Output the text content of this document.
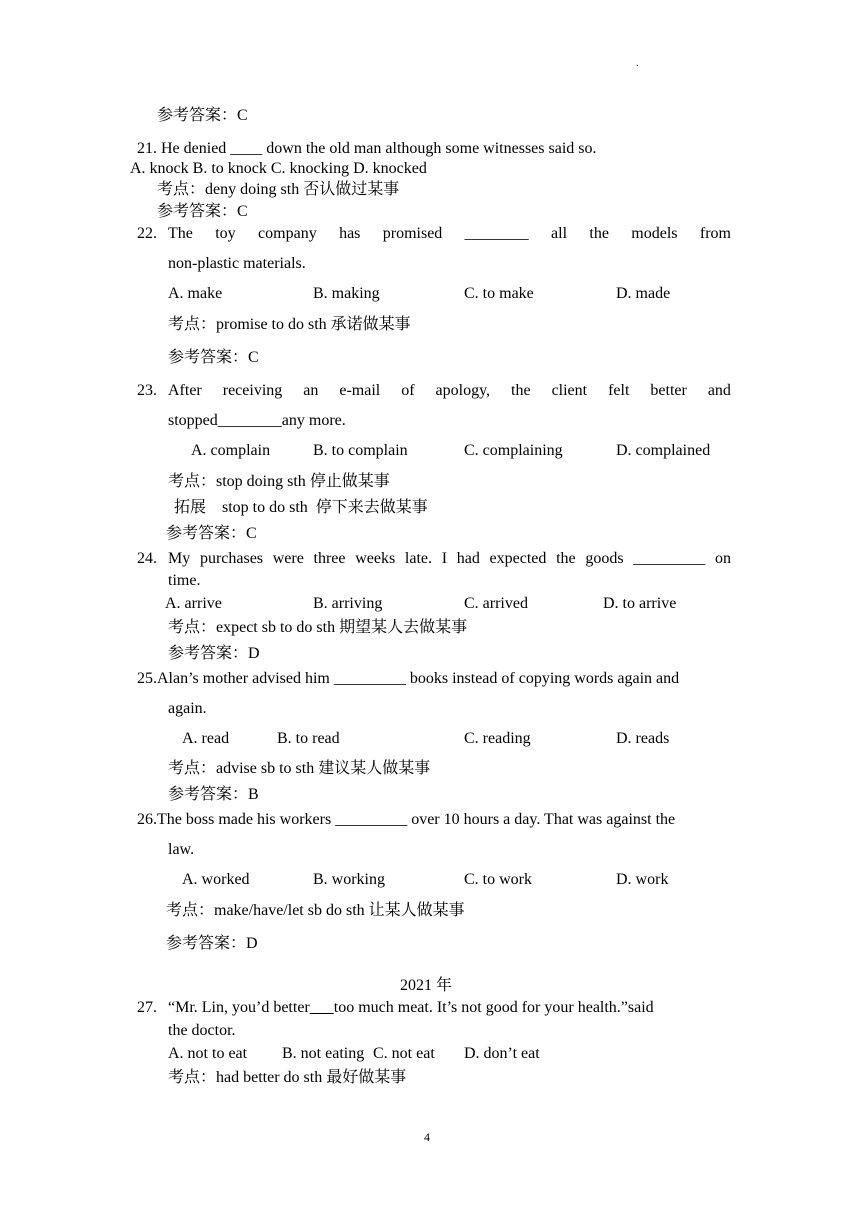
.
参考答案：C
21. He denied ____ down the old man although some witnesses said so.
A. knock B. to knock C. knocking D. knocked
考点：deny doing sth 否认做过某事
参考答案：C
22. The toy company has promised ________ all the models from
non-plastic materials.
A. make	B. making	C. to make	D. made
考点：promise to do sth 承诺做某事
参考答案：C
23. After receiving an e-mail of apology, the client felt better and
stopped________any more.
A. complain	B. to complain	C. complaining	D. complained
考点：stop doing sth 停止做某事
拓展    stop to do sth  停下来去做某事
参考答案：C
24. My purchases were three weeks late. I had expected the goods _________ on
time.
A. arrive	B. arriving	C. arrived	D. to arrive
考点：expect sb to do sth 期望某人去做某事
参考答案：D
25.Alan’s mother advised him _________ books instead of copying words again and
again.
A. read	B. to read	C. reading	D. reads
考点：advise sb to sth 建议某人做某事
参考答案：B
26.The boss made his workers _________ over 10 hours a day. That was against the
law.
A. worked	B. working	C. to work	D. work
考点：make/have/let sb do sth 让某人做某事
参考答案：D
2021 年
27. “Mr. Lin, you’d better too much meat. It’s not good for your health.”said
the doctor.
A. not to eat B. not eating C. not eat D. don’t eat
考点：had better do sth 最好做某事
4
